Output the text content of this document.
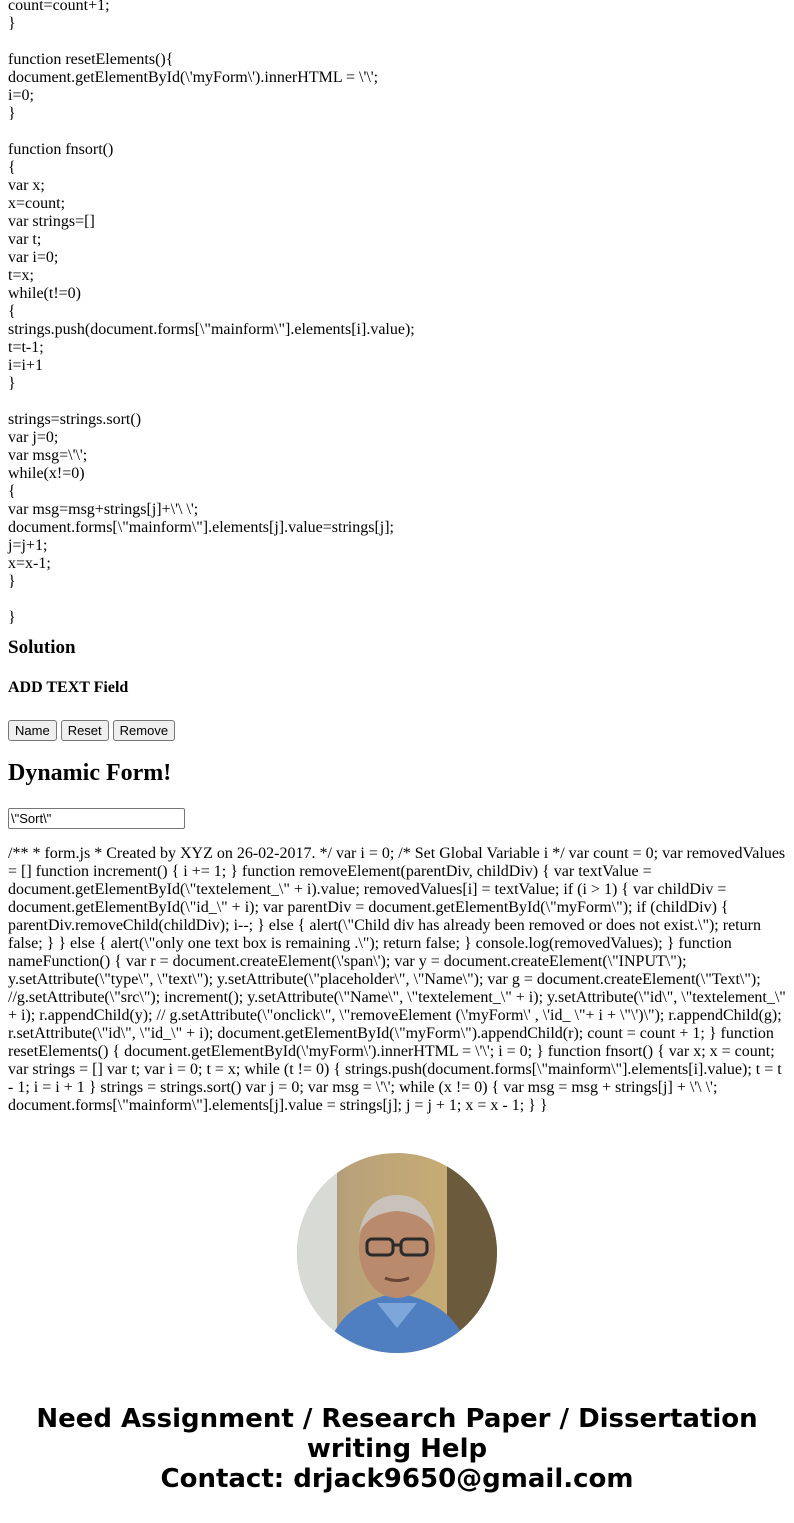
count=count+1;
}
function resetElements(){
document.getElementById(\'myForm\').innerHTML = \'\';
i=0;
}
function fnsort()
{
var x;
x=count;
var strings=[]
var t;
var i=0;
t=x;
while(t!=0)
{
strings.push(document.forms[\"mainform\"].elements[i].value);
t=t-1;
i=i+1
}
strings=strings.sort()
var j=0;
var msg=\'\';
while(x!=0)
{
var msg=msg+strings[j]+\'\ \';
document.forms[\"mainform\"].elements[j].value=strings[j];
j=j+1;
x=x-1;
}
}
Solution
ADD TEXT Field
Name	Reset	Remove
Dynamic Form!
\"Sort\"

/** * form.js * Created by XYZ on 26-02-2017. */ var i = 0; /* Set Global Variable i */ var count = 0; var removedValues = [] function increment() { i += 1; } function removeElement(parentDiv, childDiv) { var textValue = document.getElementById(\"textelement_\" + i).value; removedValues[i] = textValue; if (i > 1) { var childDiv = document.getElementById(\"id_\" + i); var parentDiv = document.getElementById(\"myForm\"); if (childDiv) { parentDiv.removeChild(childDiv); i--; } else { alert(\"Child div has already been removed or does not exist.\"); return false; } } else { alert(\"only one text box is remaining .\"); return false; } console.log(removedValues); } function nameFunction() { var r = document.createElement(\'span\'); var y = document.createElement(\"INPUT\"); y.setAttribute(\"type\", \"text\"); y.setAttribute(\"placeholder\", \"Name\"); var g = document.createElement(\"Text\"); //g.setAttribute(\"src\"); increment(); y.setAttribute(\"Name\", \"textelement_\" + i); y.setAttribute(\"id\", \"textelement_\" + i); r.appendChild(y); // g.setAttribute(\"onclick\", \"removeElement (\'myForm\' , \'id_ \"+ i + \"\')\"); r.appendChild(g); r.setAttribute(\"id\", \"id_\" + i); document.getElementById(\"myForm\").appendChild(r); count = count + 1; } function resetElements() { document.getElementById(\'myForm\').innerHTML = \'\'; i = 0; } function fnsort() { var x; x = count; var strings = [] var t; var i = 0; t = x; while (t != 0) { strings.push(document.forms[\"mainform\"].elements[i].value); t = t - 1; i = i + 1 } strings = strings.sort() var j = 0; var msg = \'\'; while (x != 0) { var msg = msg + strings[j] + \'\ \'; document.forms[\"mainform\"].elements[j].value = strings[j]; j = j + 1; x = x - 1; } }

Need Assignment / Research Paper / Dissertation
writing Help
Contact: drjack9650@gmail.com
